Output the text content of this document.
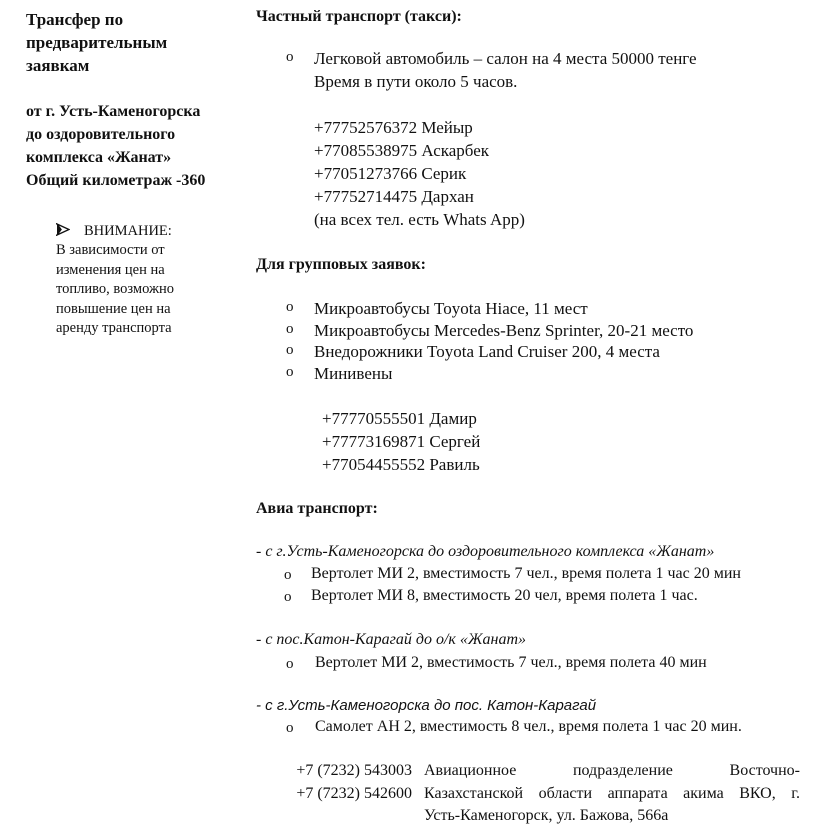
Трансфер по
предварительным
заявкам
от г. Усть-Каменогорска
до оздоровительного
комплекса «Жанат»
Общий километраж -360
ВНИМАНИЕ:
В зависимости от
изменения цен на
топливо, возможно
повышение цен на
аренду транспорта
Частный транспорт (такси):
o Легковой автомобиль – салон на 4 места 50000 тенге
Время в пути около 5 часов.
+77752576372 Мейыр
+77085538975 Аскарбек
+77051273766 Серик
+77752714475 Дархан
(на всех тел. есть Whats App)
Для групповых заявок:
o Микроавтобусы Toyota Hiace, 11 мест
o Микроавтобусы Mercedes-Benz Sprinter, 20-21 место
o Внедорожники Toyota Land Cruiser 200, 4 места
o Минивены
+77770555501 Дамир
+77773169871 Сергей
+77054455552 Равиль
Авиа транспорт:
- с г.Усть-Каменогорска до оздоровительного комплекса «Жанат»
o Вертолет МИ 2, вместимость 7 чел., время полета 1 час 20 мин
o Вертолет МИ 8, вместимость 20 чел, время полета 1 час.
- с пос.Катон-Карагай до о/к «Жанат»
o Вертолет МИ 2, вместимость 7 чел., время полета 40 мин
- с г.Усть-Каменогорска до пос. Катон-Карагай
o Самолет АН 2, вместимость 8 чел., время полета 1 час 20 мин.
+7 (7232) 543003
+7 (7232) 542600
Авиационное подразделение Восточно-
Казахстанской области аппарата акима ВКО, г.
Усть-Каменогорск, ул. Бажова, 566а
